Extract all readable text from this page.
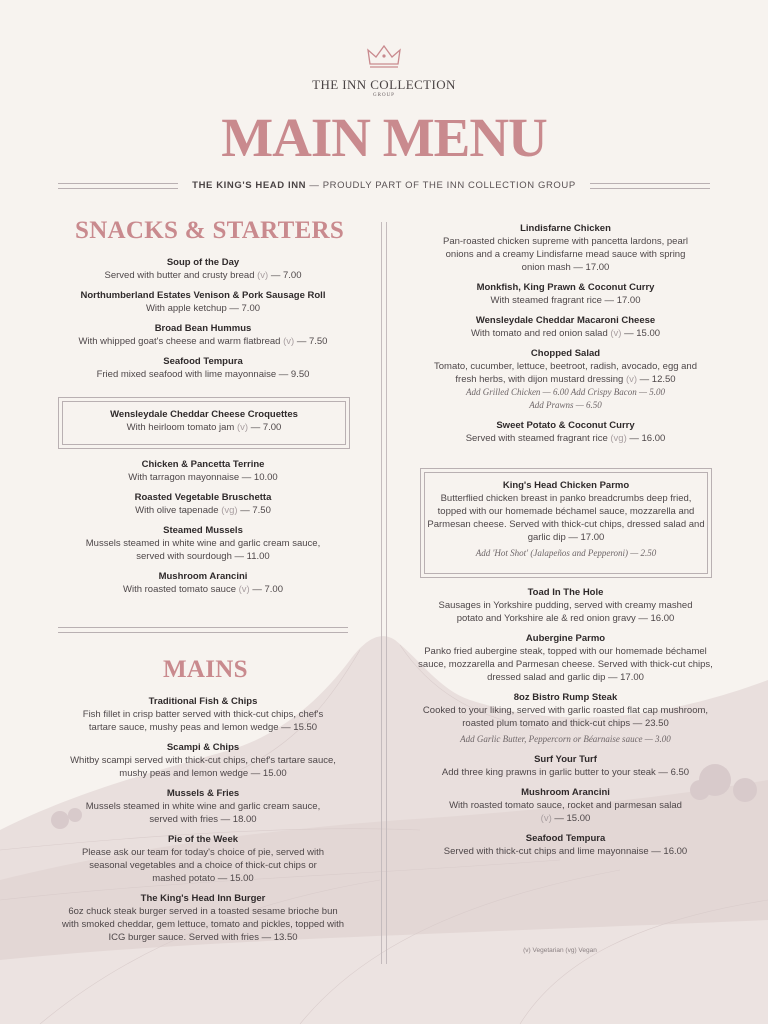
THE INN COLLECTION
GROUP
MAIN MENU
THE KING'S HEAD INN — PROUDLY PART OF THE INN COLLECTION GROUP
SNACKS & STARTERS
Soup of the Day
Served with butter and crusty bread (v) — 7.00
Northumberland Estates Venison & Pork Sausage Roll
With apple ketchup — 7.00
Broad Bean Hummus
With whipped goat's cheese and warm flatbread (v) — 7.50
Seafood Tempura
Fried mixed seafood with lime mayonnaise — 9.50
Wensleydale Cheddar Cheese Croquettes
With heirloom tomato jam (v) — 7.00
Chicken & Pancetta Terrine
With tarragon mayonnaise — 10.00
Roasted Vegetable Bruschetta
With olive tapenade (vg) — 7.50
Steamed Mussels
Mussels steamed in white wine and garlic cream sauce, served with sourdough — 11.00
Mushroom Arancini
With roasted tomato sauce (v) — 7.00
MAINS
Traditional Fish & Chips
Fish fillet in crisp batter served with thick-cut chips, chef's tartare sauce, mushy peas and lemon wedge — 15.50
Scampi & Chips
Whitby scampi served with thick-cut chips, chef's tartare sauce, mushy peas and lemon wedge — 15.00
Mussels & Fries
Mussels steamed in white wine and garlic cream sauce, served with fries — 18.00
Pie of the Week
Please ask our team for today's choice of pie, served with seasonal vegetables and a choice of thick-cut chips or mashed potato — 15.00
The King's Head Inn Burger
6oz chuck steak burger served in a toasted sesame brioche bun with smoked cheddar, gem lettuce, tomato and pickles, topped with ICG burger sauce. Served with fries — 13.50
Lindisfarne Chicken
Pan-roasted chicken supreme with pancetta lardons, pearl onions and a creamy Lindisfarne mead sauce with spring onion mash — 17.00
Monkfish, King Prawn & Coconut Curry
With steamed fragrant rice — 17.00
Wensleydale Cheddar Macaroni Cheese
With tomato and red onion salad (v) — 15.00
Chopped Salad
Tomato, cucumber, lettuce, beetroot, radish, avocado, egg and fresh herbs, with dijon mustard dressing (v) — 12.50
Add Grilled Chicken — 6.00 Add Crispy Bacon — 5.00
Add Prawns — 6.50
Sweet Potato & Coconut Curry
Served with steamed fragrant rice (vg) — 16.00
King's Head Chicken Parmo
Butterflied chicken breast in panko breadcrumbs deep fried, topped with our homemade béchamel sauce, mozzarella and Parmesan cheese. Served with thick-cut chips, dressed salad and garlic dip — 17.00
Add 'Hot Shot' (Jalapeños and Pepperoni) — 2.50
Toad In The Hole
Sausages in Yorkshire pudding, served with creamy mashed potato and Yorkshire ale & red onion gravy — 16.00
Aubergine Parmo
Panko fried aubergine steak, topped with our homemade béchamel sauce, mozzarella and Parmesan cheese. Served with thick-cut chips, dressed salad and garlic dip — 17.00
8oz Bistro Rump Steak
Cooked to your liking, served with garlic roasted flat cap mushroom, roasted plum tomato and thick-cut chips — 23.50
Add Garlic Butter, Peppercorn or Béarnaise sauce — 3.00
Surf Your Turf
Add three king prawns in garlic butter to your steak — 6.50
Mushroom Arancini
With roasted tomato sauce, rocket and parmesan salad (v) — 15.00
Seafood Tempura
Served with thick-cut chips and lime mayonnaise — 16.00
(v) Vegetarian (vg) Vegan
